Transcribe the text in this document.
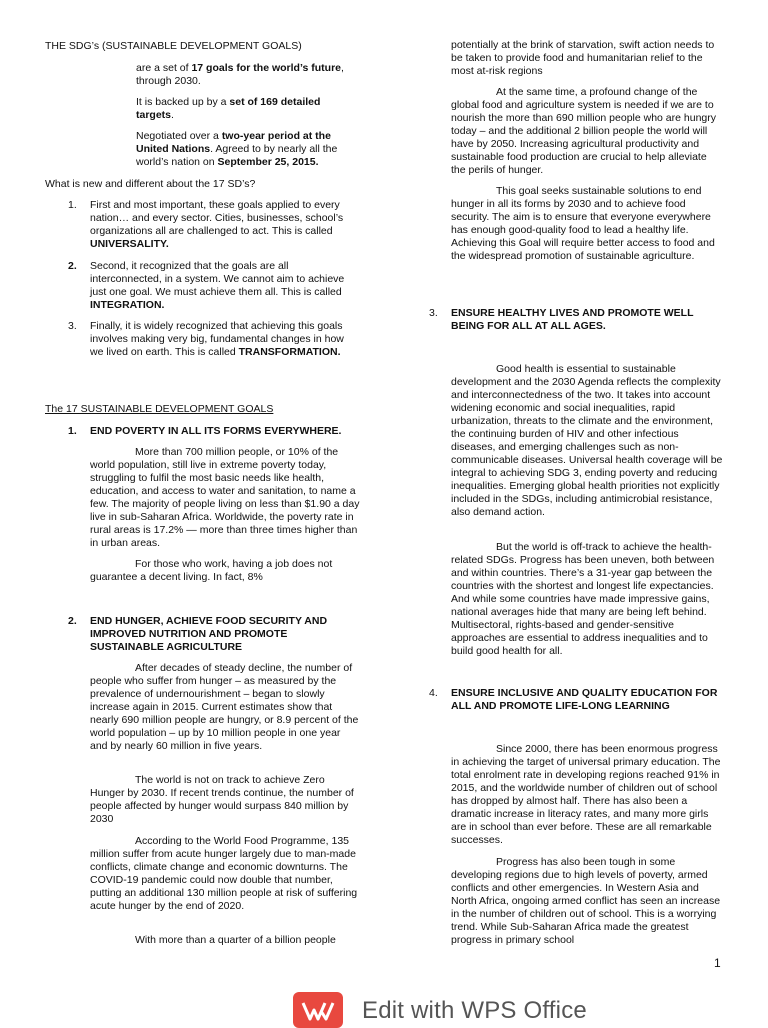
THE SDG’s (SUSTAINABLE DEVELOPMENT GOALS)

are a set of 17 goals for the world’s future, through 2030.

It is backed up by a set of 169 detailed targets.

Negotiated over a two-year period at the United Nations. Agreed to by nearly all the world’s nation on September 25, 2015.

What is new and different about the 17 SD’s?

1. First and most important, these goals applied to every nation… and every sector. Cities, businesses, school’s organizations all are challenged to act. This is called UNIVERSALITY.

2. Second, it recognized that the goals are all interconnected, in a system. We cannot aim to achieve just one goal. We must achieve them all. This is called INTEGRATION.

3. Finally, it is widely recognized that achieving this goals involves making very big, fundamental changes in how we lived on earth. This is called TRANSFORMATION.

The 17 SUSTAINABLE DEVELOPMENT GOALS

1. END POVERTY IN ALL ITS FORMS EVERYWHERE.

More than 700 million people, or 10% of the world population, still live in extreme poverty today, struggling to fulfil the most basic needs like health, education, and access to water and sanitation, to name a few. The majority of people living on less than $1.90 a day live in sub-Saharan Africa. Worldwide, the poverty rate in rural areas is 17.2% — more than three times higher than in urban areas.

For those who work, having a job does not guarantee a decent living. In fact, 8%

2. END HUNGER, ACHIEVE FOOD SECURITY AND IMPROVED NUTRITION AND PROMOTE SUSTAINABLE AGRICULTURE

After decades of steady decline, the number of people who suffer from hunger – as measured by the prevalence of undernourishment – began to slowly increase again in 2015. Current estimates show that nearly 690 million people are hungry, or 8.9 percent of the world population – up by 10 million people in one year and by nearly 60 million in five years.

The world is not on track to achieve Zero Hunger by 2030. If recent trends continue, the number of people affected by hunger would surpass 840 million by 2030

According to the World Food Programme, 135 million suffer from acute hunger largely due to man-made conflicts, climate change and economic downturns. The COVID-19 pandemic could now double that number, putting an additional 130 million people at risk of suffering acute hunger by the end of 2020.

With more than a quarter of a billion people

potentially at the brink of starvation, swift action needs to be taken to provide food and humanitarian relief to the most at-risk regions

At the same time, a profound change of the global food and agriculture system is needed if we are to nourish the more than 690 million people who are hungry today – and the additional 2 billion people the world will have by 2050. Increasing agricultural productivity and sustainable food production are crucial to help alleviate the perils of hunger.

This goal seeks sustainable solutions to end hunger in all its forms by 2030 and to achieve food security. The aim is to ensure that everyone everywhere has enough good-quality food to lead a healthy life. Achieving this Goal will require better access to food and the widespread promotion of sustainable agriculture.

3. ENSURE HEALTHY LIVES AND PROMOTE WELL BEING FOR ALL AT ALL AGES.

Good health is essential to sustainable development and the 2030 Agenda reflects the complexity and interconnectedness of the two. It takes into account widening economic and social inequalities, rapid urbanization, threats to the climate and the environment, the continuing burden of HIV and other infectious diseases, and emerging challenges such as non-communicable diseases. Universal health coverage will be integral to achieving SDG 3, ending poverty and reducing inequalities. Emerging global health priorities not explicitly included in the SDGs, including antimicrobial resistance, also demand action.

But the world is off-track to achieve the health-related SDGs. Progress has been uneven, both between and within countries. There’s a 31-year gap between the countries with the shortest and longest life expectancies. And while some countries have made impressive gains, national averages hide that many are being left behind. Multisectoral, rights-based and gender-sensitive approaches are essential to address inequalities and to build good health for all.

4. ENSURE INCLUSIVE AND QUALITY EDUCATION FOR ALL AND PROMOTE LIFE-LONG LEARNING

Since 2000, there has been enormous progress in achieving the target of universal primary education. The total enrolment rate in developing regions reached 91% in 2015, and the worldwide number of children out of school has dropped by almost half. There has also been a dramatic increase in literacy rates, and many more girls are in school than ever before. These are all remarkable successes.

Progress has also been tough in some developing regions due to high levels of poverty, armed conflicts and other emergencies. In Western Asia and North Africa, ongoing armed conflict has seen an increase in the number of children out of school. This is a worrying trend. While Sub-Saharan Africa made the greatest progress in primary school

1
Edit with WPS Office
